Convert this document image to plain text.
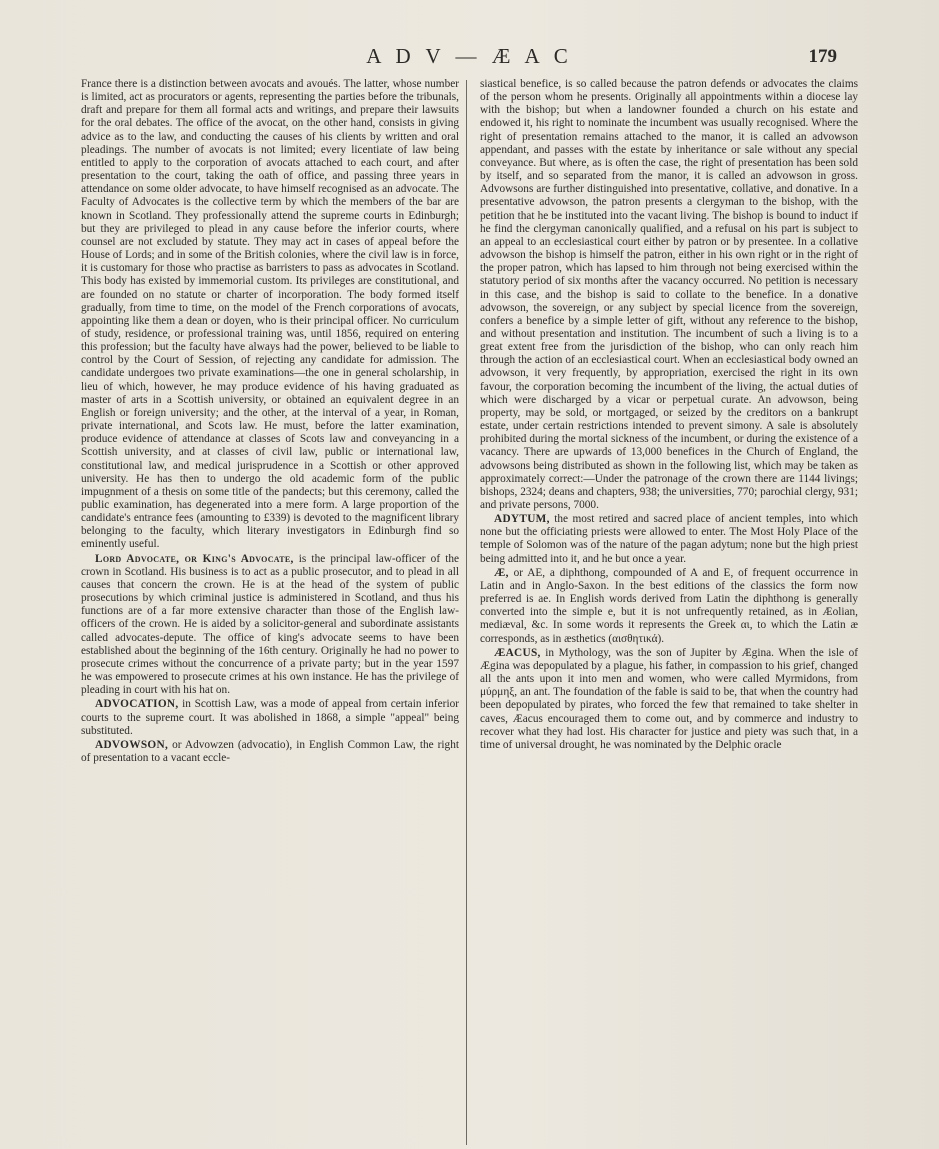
A D V — Æ A C	179

France there is a distinction between avocats and avoués. The latter, whose number is limited, act as procurators or agents, representing the parties before the tribunals, draft and prepare for them all formal acts and writings, and prepare their lawsuits for the oral debates. The office of the avocat, on the other hand, consists in giving advice as to the law, and conducting the causes of his clients by written and oral pleadings. The number of avocats is not limited; every licentiate of law being entitled to apply to the corporation of avocats attached to each court, and after presentation to the court, taking the oath of office, and passing three years in attendance on some older advocate, to have himself recognised as an advocate. The Faculty of Advocates is the collective term by which the members of the bar are known in Scotland. They professionally attend the supreme courts in Edinburgh; but they are privileged to plead in any cause before the inferior courts, where counsel are not excluded by statute. They may act in cases of appeal before the House of Lords; and in some of the British colonies, where the civil law is in force, it is customary for those who practise as barristers to pass as advocates in Scotland. This body has existed by immemorial custom. Its privileges are constitutional, and are founded on no statute or charter of incorporation. The body formed itself gradually, from time to time, on the model of the French corporations of avocats, appointing like them a dean or doyen, who is their principal officer. No curriculum of study, residence, or professional training was, until 1856, required on entering this profession; but the faculty have always had the power, believed to be liable to control by the Court of Session, of rejecting any candidate for admission. The candidate undergoes two private examinations—the one in general scholarship, in lieu of which, however, he may produce evidence of his having graduated as master of arts in a Scottish university, or obtained an equivalent degree in an English or foreign university; and the other, at the interval of a year, in Roman, private international, and Scots law. He must, before the latter examination, produce evidence of attendance at classes of Scots law and conveyancing in a Scottish university, and at classes of civil law, public or international law, constitutional law, and medical jurisprudence in a Scottish or other approved university. He has then to undergo the old academic form of the public impugnment of a thesis on some title of the pandects; but this ceremony, called the public examination, has degenerated into a mere form. A large proportion of the candidate's entrance fees (amounting to £339) is devoted to the magnificent library belonging to the faculty, which literary investigators in Edinburgh find so eminently useful.

Lord Advocate, or King's Advocate, is the principal law-officer of the crown in Scotland. His business is to act as a public prosecutor, and to plead in all causes that concern the crown. He is at the head of the system of public prosecutions by which criminal justice is administered in Scotland, and thus his functions are of a far more extensive character than those of the English law-officers of the crown. He is aided by a solicitor-general and subordinate assistants called advocates-depute. The office of king's advocate seems to have been established about the beginning of the 16th century. Originally he had no power to prosecute crimes without the concurrence of a private party; but in the year 1597 he was empowered to prosecute crimes at his own instance. He has the privilege of pleading in court with his hat on.

ADVOCATION, in Scottish Law, was a mode of appeal from certain inferior courts to the supreme court. It was abolished in 1868, a simple "appeal" being substituted.

ADVOWSON, or Advowzen (advocatio), in English Common Law, the right of presentation to a vacant eccle-

siastical benefice, is so called because the patron defends or advocates the claims of the person whom he presents. Originally all appointments within a diocese lay with the bishop; but when a landowner founded a church on his estate and endowed it, his right to nominate the incumbent was usually recognised. Where the right of presentation remains attached to the manor, it is called an advowson appendant, and passes with the estate by inheritance or sale without any special conveyance. But where, as is often the case, the right of presentation has been sold by itself, and so separated from the manor, it is called an advowson in gross. Advowsons are further distinguished into presentative, collative, and donative. In a presentative advowson, the patron presents a clergyman to the bishop, with the petition that he be instituted into the vacant living. The bishop is bound to induct if he find the clergyman canonically qualified, and a refusal on his part is subject to an appeal to an ecclesiastical court either by patron or by presentee. In a collative advowson the bishop is himself the patron, either in his own right or in the right of the proper patron, which has lapsed to him through not being exercised within the statutory period of six months after the vacancy occurred. No petition is necessary in this case, and the bishop is said to collate to the benefice. In a donative advowson, the sovereign, or any subject by special licence from the sovereign, confers a benefice by a simple letter of gift, without any reference to the bishop, and without presentation and institution. The incumbent of such a living is to a great extent free from the jurisdiction of the bishop, who can only reach him through the action of an ecclesiastical court. When an ecclesiastical body owned an advowson, it very frequently, by appropriation, exercised the right in its own favour, the corporation becoming the incumbent of the living, the actual duties of which were discharged by a vicar or perpetual curate. An advowson, being property, may be sold, or mortgaged, or seized by the creditors on a bankrupt estate, under certain restrictions intended to prevent simony. A sale is absolutely prohibited during the mortal sickness of the incumbent, or during the existence of a vacancy. There are upwards of 13,000 benefices in the Church of England, the advowsons being distributed as shown in the following list, which may be taken as approximately correct:—Under the patronage of the crown there are 1144 livings; bishops, 2324; deans and chapters, 938; the universities, 770; parochial clergy, 931; and private persons, 7000.

ADYTUM, the most retired and sacred place of ancient temples, into which none but the officiating priests were allowed to enter. The Most Holy Place of the temple of Solomon was of the nature of the pagan adytum; none but the high priest being admitted into it, and he but once a year.

Æ, or AE, a diphthong, compounded of A and E, of frequent occurrence in Latin and in Anglo-Saxon. In the best editions of the classics the form now preferred is ae. In English words derived from Latin the diphthong is generally converted into the simple e, but it is not unfrequently retained, as in Æolian, mediæval, &c. In some words it represents the Greek αι, to which the Latin æ corresponds, as in æsthetics (αισθητικά).

ÆACUS, in Mythology, was the son of Jupiter by Ægina. When the isle of Ægina was depopulated by a plague, his father, in compassion to his grief, changed all the ants upon it into men and women, who were called Myrmidons, from μύρμηξ, an ant. The foundation of the fable is said to be, that when the country had been depopulated by pirates, who forced the few that remained to take shelter in caves, Æacus encouraged them to come out, and by commerce and industry to recover what they had lost. His character for justice and piety was such that, in a time of universal drought, he was nominated by the Delphic oracle
